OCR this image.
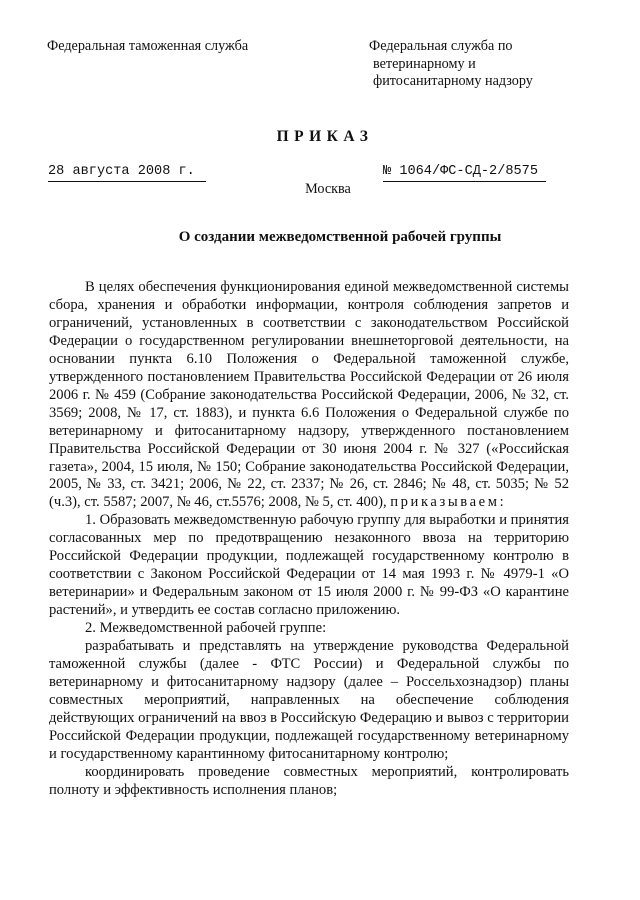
Федеральная таможенная служба	Федеральная служба по
ветеринарному и
фитосанитарному надзору
ПРИКАЗ
28 августа 2008 г.	№ 1064/ФС-СД-2/8575
Москва
О создании межведомственной рабочей группы

В целях обеспечения функционирования единой межведомственной системы сбора, хранения и обработки информации, контроля соблюдения запретов и ограничений, установленных в соответствии с законодательством Российской Федерации о государственном регулировании внешнеторговой деятельности, на основании пункта 6.10 Положения о Федеральной таможенной службе, утвержденного постановлением Правительства Российской Федерации от 26 июля 2006 г. № 459 (Собрание законодательства Российской Федерации, 2006, № 32, ст. 3569; 2008, № 17, ст. 1883), и пункта 6.6 Положения о Федеральной службе по ветеринарному и фитосанитарному надзору, утвержденного постановлением Правительства Российской Федерации от 30 июня 2004 г. № 327 («Российская газета», 2004, 15 июля, № 150; Собрание законодательства Российской Федерации, 2005, № 33, ст. 3421; 2006, № 22, ст. 2337; № 26, ст. 2846; № 48, ст. 5035; № 52 (ч.3), ст. 5587; 2007, № 46, ст.5576; 2008, № 5, ст. 400), приказываем:

1. Образовать межведомственную рабочую группу для выработки и принятия согласованных мер по предотвращению незаконного ввоза на территорию Российской Федерации продукции, подлежащей государственному контролю в соответствии с Законом Российской Федерации от 14 мая 1993 г. № 4979-1 «О ветеринарии» и Федеральным законом от 15 июля 2000 г. № 99-ФЗ «О карантине растений», и утвердить ее состав согласно приложению.

2. Межведомственной рабочей группе:

разрабатывать и представлять на утверждение руководства Федеральной таможенной службы (далее - ФТС России) и Федеральной службы по ветеринарному и фитосанитарному надзору (далее – Россельхознадзор) планы совместных мероприятий, направленных на обеспечение соблюдения действующих ограничений на ввоз в Российскую Федерацию и вывоз с территории Российской Федерации продукции, подлежащей государственному ветеринарному и государственному карантинному фитосанитарному контролю;

координировать проведение совместных мероприятий, контролировать полноту и эффективность исполнения планов;
